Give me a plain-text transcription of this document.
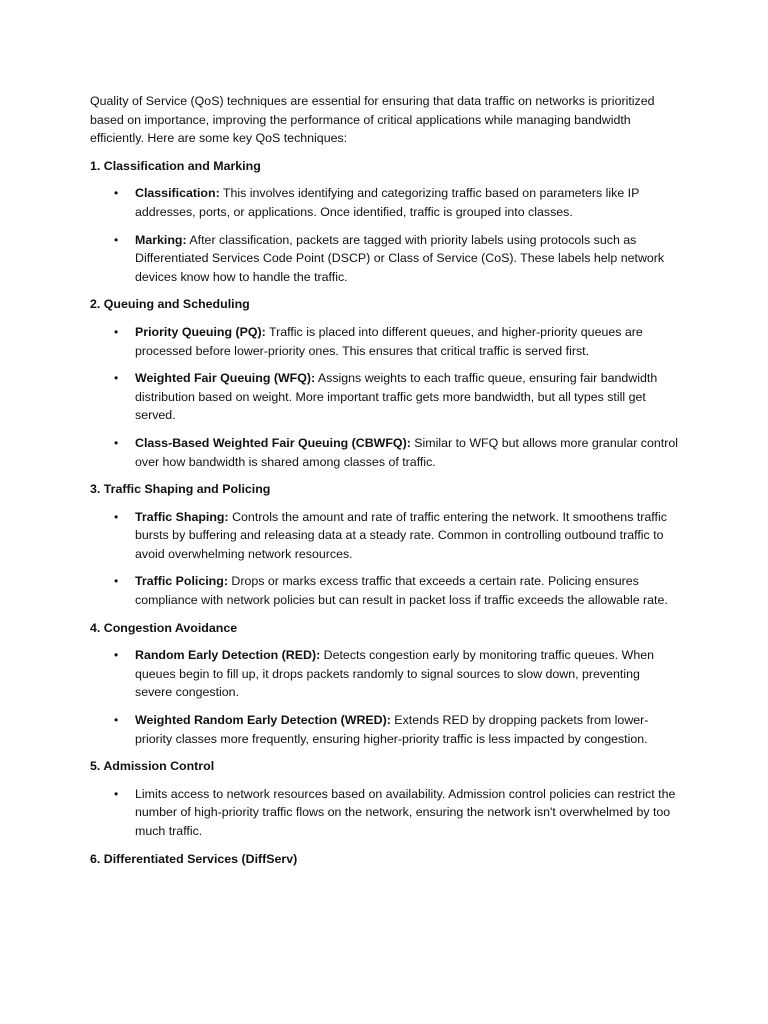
Quality of Service (QoS) techniques are essential for ensuring that data traffic on networks is prioritized based on importance, improving the performance of critical applications while managing bandwidth efficiently. Here are some key QoS techniques:

1. Classification and Marking

• Classification: This involves identifying and categorizing traffic based on parameters like IP addresses, ports, or applications. Once identified, traffic is grouped into classes.
• Marking: After classification, packets are tagged with priority labels using protocols such as Differentiated Services Code Point (DSCP) or Class of Service (CoS). These labels help network devices know how to handle the traffic.

2. Queuing and Scheduling

• Priority Queuing (PQ): Traffic is placed into different queues, and higher-priority queues are processed before lower-priority ones. This ensures that critical traffic is served first.
• Weighted Fair Queuing (WFQ): Assigns weights to each traffic queue, ensuring fair bandwidth distribution based on weight. More important traffic gets more bandwidth, but all types still get served.
• Class-Based Weighted Fair Queuing (CBWFQ): Similar to WFQ but allows more granular control over how bandwidth is shared among classes of traffic.

3. Traffic Shaping and Policing

• Traffic Shaping: Controls the amount and rate of traffic entering the network. It smoothens traffic bursts by buffering and releasing data at a steady rate. Common in controlling outbound traffic to avoid overwhelming network resources.
• Traffic Policing: Drops or marks excess traffic that exceeds a certain rate. Policing ensures compliance with network policies but can result in packet loss if traffic exceeds the allowable rate.

4. Congestion Avoidance

• Random Early Detection (RED): Detects congestion early by monitoring traffic queues. When queues begin to fill up, it drops packets randomly to signal sources to slow down, preventing severe congestion.
• Weighted Random Early Detection (WRED): Extends RED by dropping packets from lower-priority classes more frequently, ensuring higher-priority traffic is less impacted by congestion.

5. Admission Control

• Limits access to network resources based on availability. Admission control policies can restrict the number of high-priority traffic flows on the network, ensuring the network isn't overwhelmed by too much traffic.

6. Differentiated Services (DiffServ)
